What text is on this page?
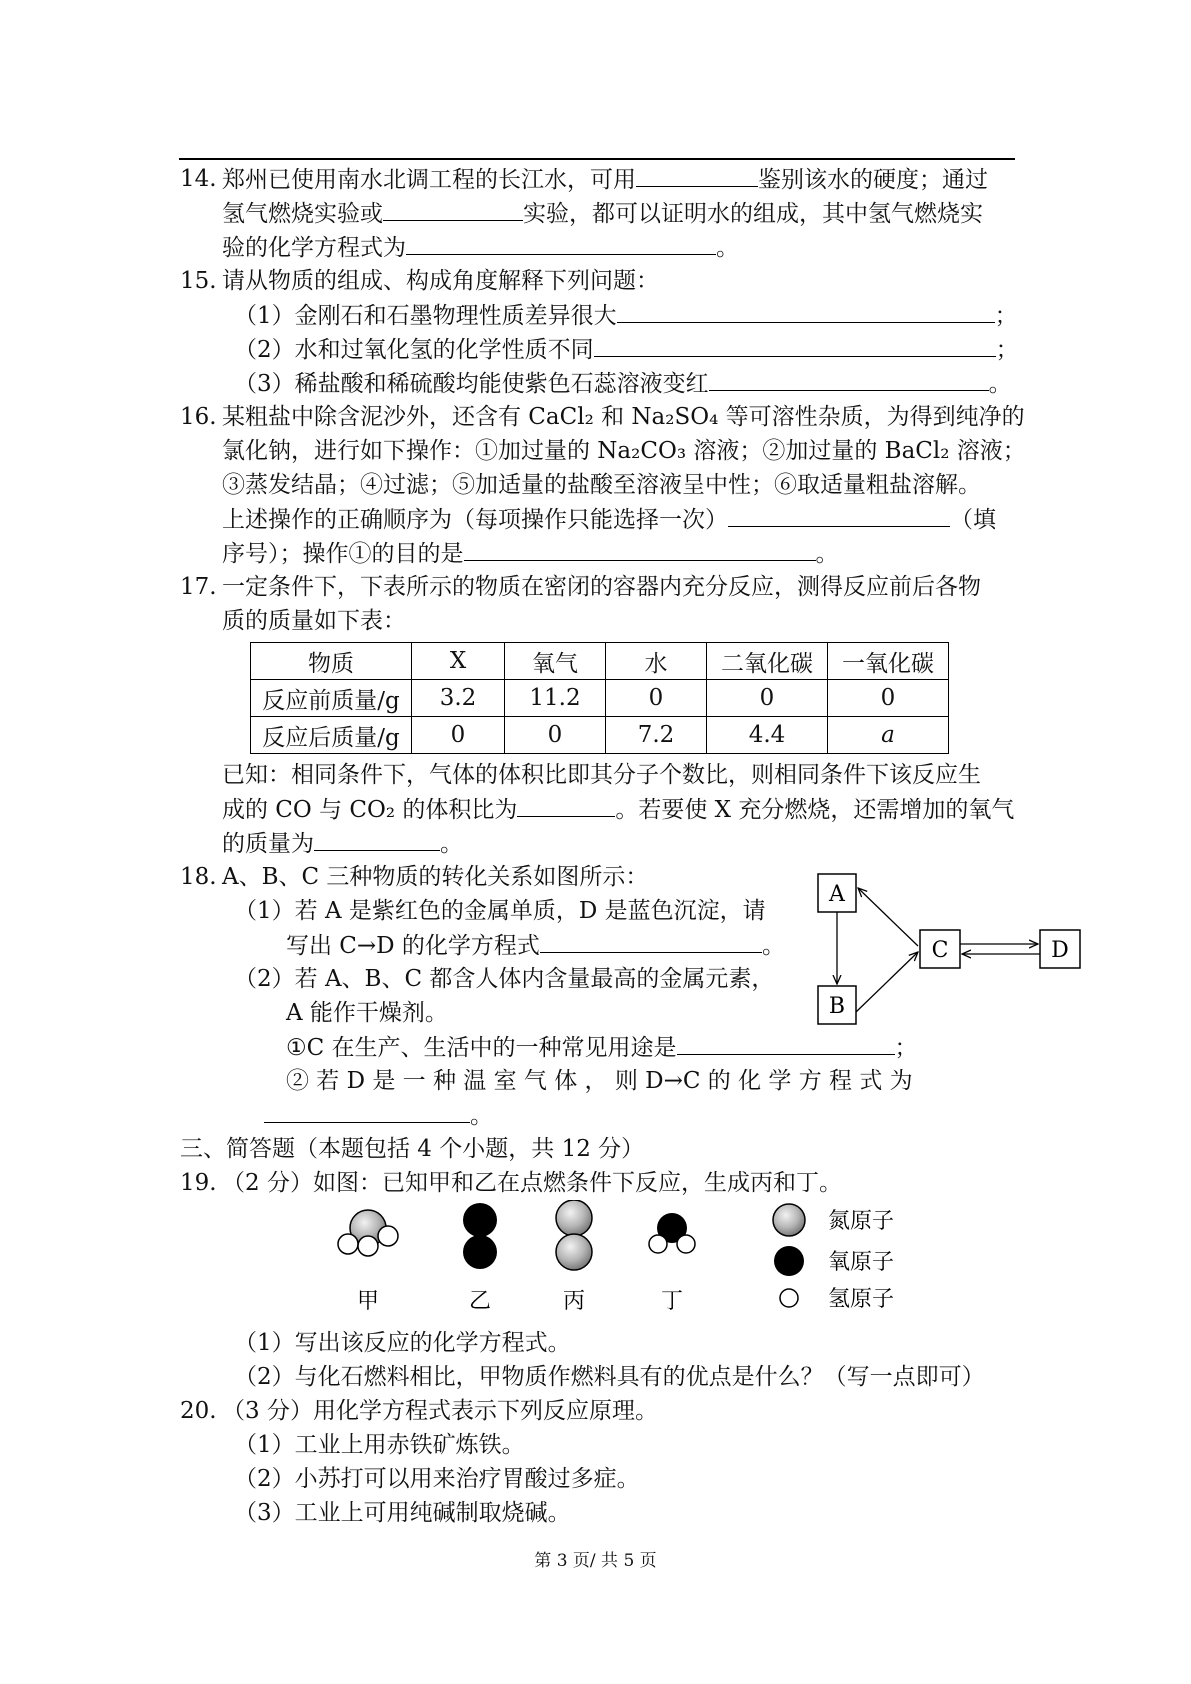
14. 郑州已使用南水北调工程的长江水，可用	鉴别该水的硬度；通过
氢气燃烧实验或	实验，都可以证明水的组成，其中氢气燃烧实
验的化学方程式为	。
15. 请从物质的组成、构成角度解释下列问题：
（1）金刚石和石墨物理性质差异很大	；
（2）水和过氧化氢的化学性质不同	；
（3）稀盐酸和稀硫酸均能使紫色石蕊溶液变红	。
16. 某粗盐中除含泥沙外，还含有 CaCl₂ 和 Na₂SO₄ 等可溶性杂质，为得到纯净的
氯化钠，进行如下操作：①加过量的 Na₂CO₃ 溶液；②加过量的 BaCl₂ 溶液；
③蒸发结晶；④过滤；⑤加适量的盐酸至溶液呈中性；⑥取适量粗盐溶解。
上述操作的正确顺序为（每项操作只能选择一次）	（填
序号）；操作①的目的是	。
17. 一定条件下，下表所示的物质在密闭的容器内充分反应，测得反应前后各物
质的质量如下表：
物质	X	氧气	水	二氧化碳	一氧化碳
反应前质量/g	3.2	11.2	0	0	0
反应后质量/g	0	0	7.2	4.4	a
已知：相同条件下，气体的体积比即其分子个数比，则相同条件下该反应生
成的 CO 与 CO₂ 的体积比为	。若要使 X 充分燃烧，还需增加的氧气
的质量为	。
18. A、B、C 三种物质的转化关系如图所示：
（1）若 A 是紫红色的金属单质，D 是蓝色沉淀，请
写出 C→D 的化学方程式	。
（2）若 A、B、C 都含人体内含量最高的金属元素，
A 能作干燥剂。
①C 在生产、生活中的一种常见用途是	；
② 若 D 是 一 种 温 室 气 体 ， 则 D→C 的 化 学 方 程 式 为
。
A
B
C	D
三、简答题（本题包括 4 个小题，共 12 分）
19. （2 分）如图：已知甲和乙在点燃条件下反应，生成丙和丁。
甲	乙	丙	丁
氮原子
氧原子
氢原子
（1）写出该反应的化学方程式。
（2）与化石燃料相比，甲物质作燃料具有的优点是什么？（写一点即可）
20. （3 分）用化学方程式表示下列反应原理。
（1）工业上用赤铁矿炼铁。
（2）小苏打可以用来治疗胃酸过多症。
（3）工业上可用纯碱制取烧碱。
第 3 页/ 共 5 页
